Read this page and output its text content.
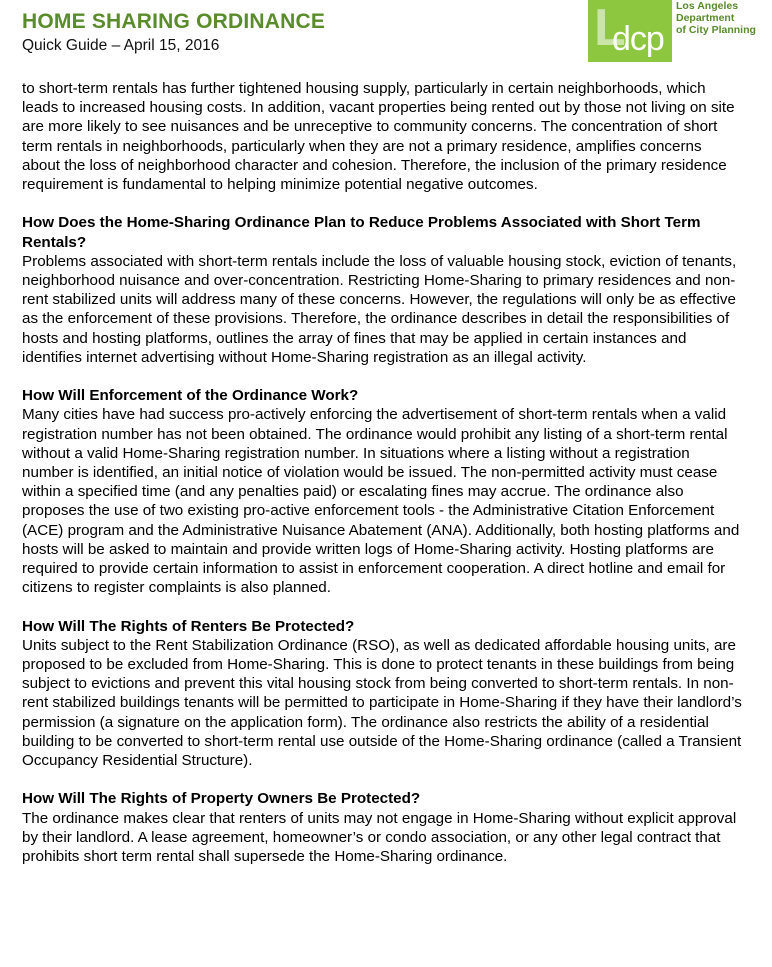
HOME SHARING ORDINANCE
Quick Guide – April 15, 2016	L
dcp
Los Angeles
Department
of City Planning

to short-term rentals has further tightened housing supply, particularly in certain neighborhoods, which leads to increased housing costs. In addition, vacant properties being rented out by those not living on site are more likely to see nuisances and be unreceptive to community concerns. The concentration of short term rentals in neighborhoods, particularly when they are not a primary residence, amplifies concerns about the loss of neighborhood character and cohesion. Therefore, the inclusion of the primary residence requirement is fundamental to helping minimize potential negative outcomes.

How Does the Home-Sharing Ordinance Plan to Reduce Problems Associated with Short Term Rentals?

Problems associated with short-term rentals include the loss of valuable housing stock, eviction of tenants, neighborhood nuisance and over-concentration. Restricting Home-Sharing to primary residences and non-rent stabilized units will address many of these concerns. However, the regulations will only be as effective as the enforcement of these provisions. Therefore, the ordinance describes in detail the responsibilities of hosts and hosting platforms, outlines the array of fines that may be applied in certain instances and identifies internet advertising without Home-Sharing registration as an illegal activity.

How Will Enforcement of the Ordinance Work?

Many cities have had success pro-actively enforcing the advertisement of short-term rentals when a valid registration number has not been obtained. The ordinance would prohibit any listing of a short-term rental without a valid Home-Sharing registration number. In situations where a listing without a registration number is identified, an initial notice of violation would be issued. The non-permitted activity must cease within a specified time (and any penalties paid) or escalating fines may accrue. The ordinance also proposes the use of two existing pro-active enforcement tools - the Administrative Citation Enforcement (ACE) program and the Administrative Nuisance Abatement (ANA). Additionally, both hosting platforms and hosts will be asked to maintain and provide written logs of Home-Sharing activity. Hosting platforms are required to provide certain information to assist in enforcement cooperation. A direct hotline and email for citizens to register complaints is also planned.

How Will The Rights of Renters Be Protected?

Units subject to the Rent Stabilization Ordinance (RSO), as well as dedicated affordable housing units, are proposed to be excluded from Home-Sharing. This is done to protect tenants in these buildings from being subject to evictions and prevent this vital housing stock from being converted to short-term rentals. In non-rent stabilized buildings tenants will be permitted to participate in Home-Sharing if they have their landlord’s permission (a signature on the application form). The ordinance also restricts the ability of a residential building to be converted to short-term rental use outside of the Home-Sharing ordinance (called a Transient Occupancy Residential Structure).

How Will The Rights of Property Owners Be Protected?

The ordinance makes clear that renters of units may not engage in Home-Sharing without explicit approval by their landlord. A lease agreement, homeowner’s or condo association, or any other legal contract that prohibits short term rental shall supersede the Home-Sharing ordinance.
